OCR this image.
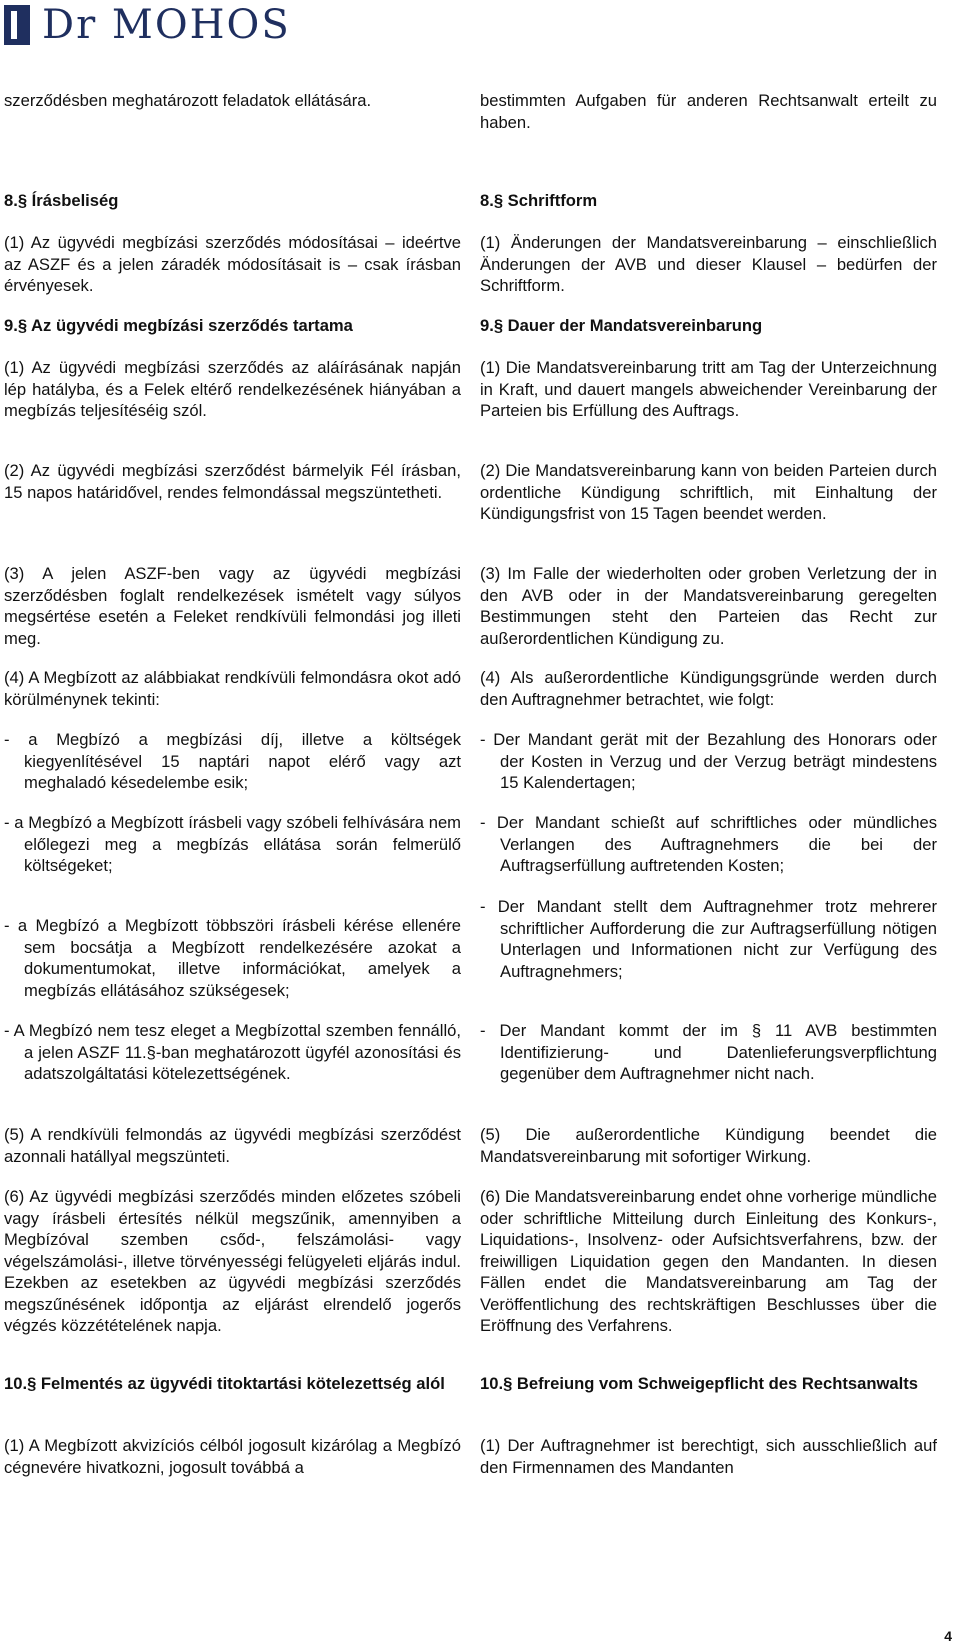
Dr MOHOS

szerződésben meghatározott feladatok ellátására.

8.§ Írásbeliség

(1) Az ügyvédi megbízási szerződés módosításai – ideértve az ASZF és a jelen záradék módosításait is – csak írásban érvényesek.

9.§ Az ügyvédi megbízási szerződés tartama

(1) Az ügyvédi megbízási szerződés az aláírásának napján lép hatályba, és a Felek eltérő rendelkezésének hiányában a megbízás teljesítéséig szól.

(2) Az ügyvédi megbízási szerződést bármelyik Fél írásban, 15 napos határidővel, rendes felmondással megszüntetheti.

(3) A jelen ASZF-ben vagy az ügyvédi megbízási szerződésben foglalt rendelkezések ismételt vagy súlyos megsértése esetén a Feleket rendkívüli felmondási jog illeti meg.

(4) A Megbízott az alábbiakat rendkívüli felmondásra okot adó körülménynek tekinti:

- a Megbízó a megbízási díj, illetve a költségek kiegyenlítésével 15 naptári napot elérő vagy azt meghaladó késedelembe esik;

- a Megbízó a Megbízott írásbeli vagy szóbeli felhívására nem előlegezi meg a megbízás ellátása során felmerülő költségeket;

- a Megbízó a Megbízott többszöri írásbeli kérése ellenére sem bocsátja a Megbízott rendelkezésére azokat a dokumentumokat, illetve információkat, amelyek a megbízás ellátásához szükségesek;

- A Megbízó nem tesz eleget a Megbízottal szemben fennálló, a jelen ASZF 11.§-ban meghatározott ügyfél azonosítási és adatszolgáltatási kötelezettségének.

(5) A rendkívüli felmondás az ügyvédi megbízási szerződést azonnali hatállyal megszünteti.

(6) Az ügyvédi megbízási szerződés minden előzetes szóbeli vagy írásbeli értesítés nélkül megszűnik, amennyiben a Megbízóval szemben csőd-, felszámolási- vagy végelszámolási-, illetve törvényességi felügyeleti eljárás indul. Ezekben az esetekben az ügyvédi megbízási szerződés megszűnésének időpontja az eljárást elrendelő jogerős végzés közzétételének napja.

10.§ Felmentés az ügyvédi titoktartási kötelezettség alól

(1) A Megbízott akvizíciós célból jogosult kizárólag a Megbízó cégnevére hivatkozni, jogosult továbbá a

bestimmten Aufgaben für anderen Rechtsanwalt erteilt zu haben.

8.§ Schriftform

(1) Änderungen der Mandatsvereinbarung – einschließlich Änderungen der AVB und dieser Klausel – bedürfen der Schriftform.

9.§ Dauer der Mandatsvereinbarung

(1) Die Mandatsvereinbarung tritt am Tag der Unterzeichnung in Kraft, und dauert mangels abweichender Vereinbarung der Parteien bis Erfüllung des Auftrags.

(2) Die Mandatsvereinbarung kann von beiden Parteien durch ordentliche Kündigung schriftlich, mit Einhaltung der Kündigungsfrist von 15 Tagen beendet werden.

(3) Im Falle der wiederholten oder groben Verletzung der in den AVB oder in der Mandatsvereinbarung geregelten Bestimmungen steht den Parteien das Recht zur außerordentlichen Kündigung zu.

(4) Als außerordentliche Kündigungsgründe werden durch den Auftragnehmer betrachtet, wie folgt:

- Der Mandant gerät mit der Bezahlung des Honorars oder der Kosten in Verzug und der Verzug beträgt mindestens 15 Kalendertagen;

- Der Mandant schießt auf schriftliches oder mündliches Verlangen des Auftragnehmers die bei der Auftragserfüllung auftretenden Kosten;

- Der Mandant stellt dem Auftragnehmer trotz mehrerer schriftlicher Aufforderung die zur Auftragserfüllung nötigen Unterlagen und Informationen nicht zur Verfügung des Auftragnehmers;

- Der Mandant kommt der im § 11 AVB bestimmten Identifizierung- und Datenlieferungsverpflichtung gegenüber dem Auftragnehmer nicht nach.

(5) Die außerordentliche Kündigung beendet die Mandatsvereinbarung mit sofortiger Wirkung.

(6) Die Mandatsvereinbarung endet ohne vorherige mündliche oder schriftliche Mitteilung durch Einleitung des Konkurs-, Liquidations-, Insolvenz- oder Aufsichtsverfahrens, bzw. der freiwilligen Liquidation gegen den Mandanten. In diesen Fällen endet die Mandatsvereinbarung am Tag der Veröffentlichung des rechtskräftigen Beschlusses über die Eröffnung des Verfahrens.

10.§ Befreiung vom Schweigepflicht des Rechtsanwalts

(1) Der Auftragnehmer ist berechtigt, sich ausschließlich auf den Firmennamen des Mandanten

4
